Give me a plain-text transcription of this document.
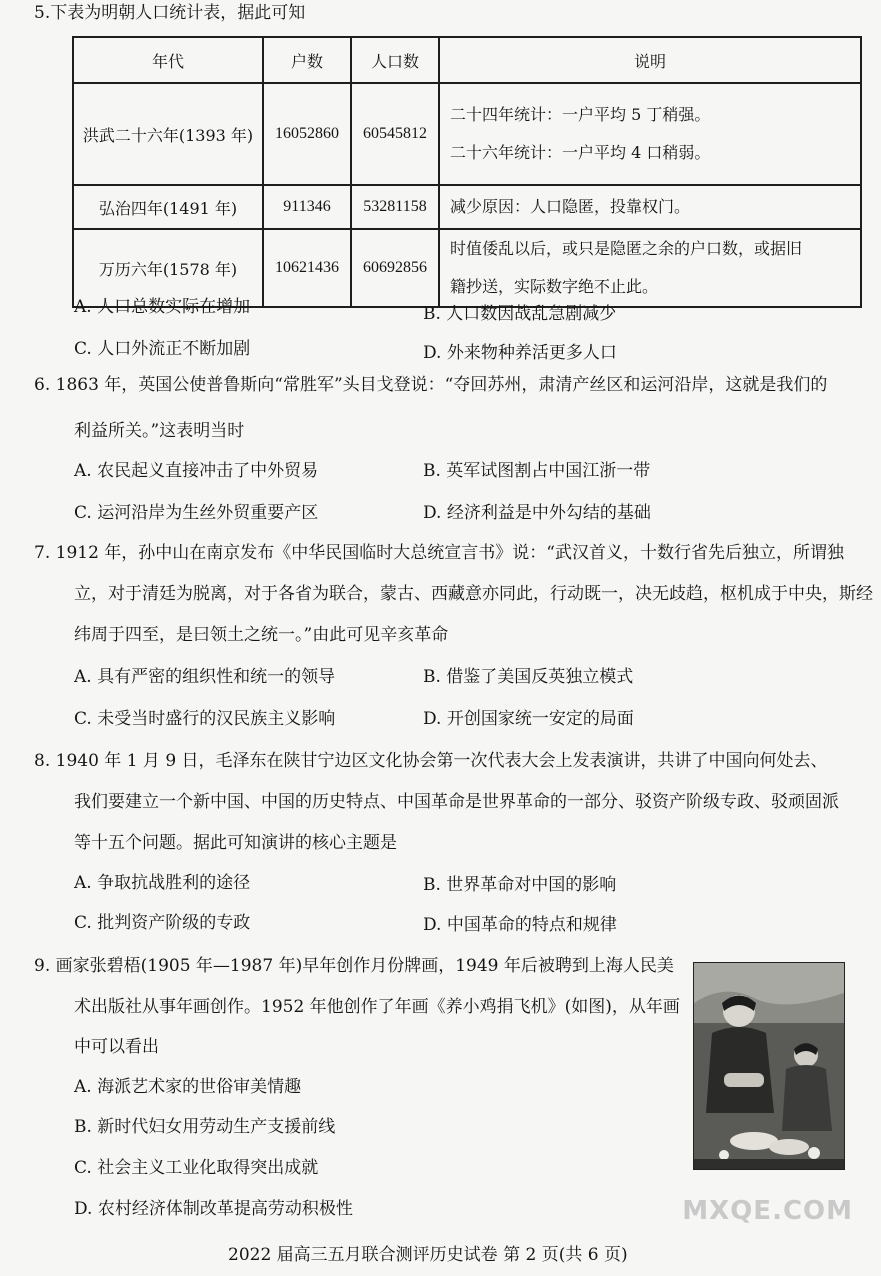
5.下表为明朝人口统计表，据此可知
年代	户数	人口数	说明
洪武二十六年(1393 年)	16052860	60545812	二十四年统计：一户平均 5 丁稍强。
二十六年统计：一户平均 4 口稍弱。

弘治四年(1491 年)	911346	53281158	减少原因：人口隐匿，投靠权门。

万历六年(1578 年)	10621436	60692856	时值倭乱以后，或只是隐匿之余的户口数，或据旧
籍抄送，实际数字绝不止此。
A. 人口总数实际在增加	B. 人口数因战乱急剧减少
C. 人口外流正不断加剧	D. 外来物种养活更多人口
6. 1863 年，英国公使普鲁斯向“常胜军”头目戈登说：“夺回苏州，肃清产丝区和运河沿岸，这就是我们的
利益所关。”这表明当时
A. 农民起义直接冲击了中外贸易	B. 英军试图割占中国江浙一带
C. 运河沿岸为生丝外贸重要产区	D. 经济利益是中外勾结的基础
7. 1912 年，孙中山在南京发布《中华民国临时大总统宣言书》说：“武汉首义，十数行省先后独立，所谓独
立，对于清廷为脱离，对于各省为联合，蒙古、西藏意亦同此，行动既一，决无歧趋，枢机成于中央，斯经
纬周于四至，是曰领土之统一。”由此可见辛亥革命
A. 具有严密的组织性和统一的领导	B. 借鉴了美国反英独立模式
C. 未受当时盛行的汉民族主义影响	D. 开创国家统一安定的局面
8. 1940 年 1 月 9 日，毛泽东在陕甘宁边区文化协会第一次代表大会上发表演讲，共讲了中国向何处去、
我们要建立一个新中国、中国的历史特点、中国革命是世界革命的一部分、驳资产阶级专政、驳顽固派
等十五个问题。据此可知演讲的核心主题是
A. 争取抗战胜利的途径	B. 世界革命对中国的影响
C. 批判资产阶级的专政	D. 中国革命的特点和规律
9. 画家张碧梧(1905 年—1987 年)早年创作月份牌画，1949 年后被聘到上海人民美
术出版社从事年画创作。1952 年他创作了年画《养小鸡捐飞机》(如图)，从年画
中可以看出
A. 海派艺术家的世俗审美情趣
B. 新时代妇女用劳动生产支援前线
C. 社会主义工业化取得突出成就
D. 农村经济体制改革提高劳动积极性
2022 届高三五月联合测评历史试卷 第 2 页(共 6 页)
MXQE.COM
